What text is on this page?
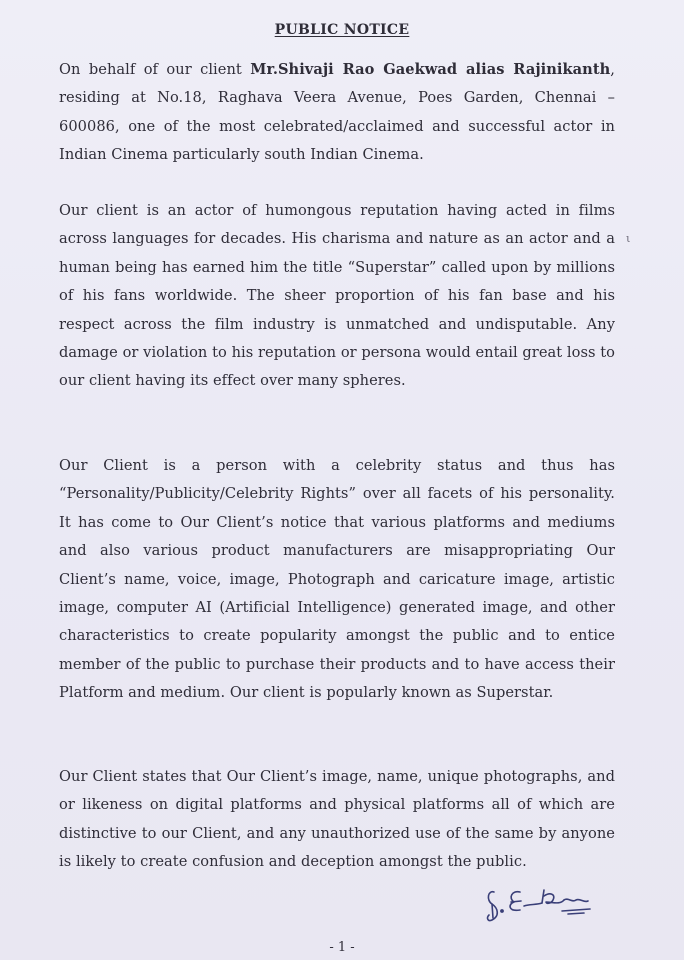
PUBLIC NOTICE

On behalf of our client Mr.Shivaji Rao Gaekwad alias Rajinikanth, residing at No.18, Raghava Veera Avenue, Poes Garden, Chennai – 600086, one of the most celebrated/acclaimed and successful actor in Indian Cinema particularly south Indian Cinema.

Our client is an actor of humongous reputation having acted in films across languages for decades. His charisma and nature as an actor and a human being has earned him the title “Superstar” called upon by millions of his fans worldwide. The sheer proportion of his fan base and his respect across the film industry is unmatched and undisputable. Any damage or violation to his reputation or persona would entail great loss to our client having its effect over many spheres.

ι

Our Client is a person with a celebrity status and thus has “Personality/Publicity/Celebrity Rights” over all facets of his personality. It has come to Our Client’s notice that various platforms and mediums and also various product manufacturers are misappropriating Our Client’s name, voice, image, Photograph and caricature image, artistic image, computer AI (Artificial Intelligence) generated image, and other characteristics to create popularity amongst the public and to entice member of the public to purchase their products and to have access their Platform and medium. Our client is popularly known as Superstar.

Our Client states that Our Client’s image, name, unique photographs, and or likeness on digital platforms and physical platforms all of which are distinctive to our Client, and any unauthorized use of the same by anyone is likely to create confusion and deception amongst the public.

- 1 -
